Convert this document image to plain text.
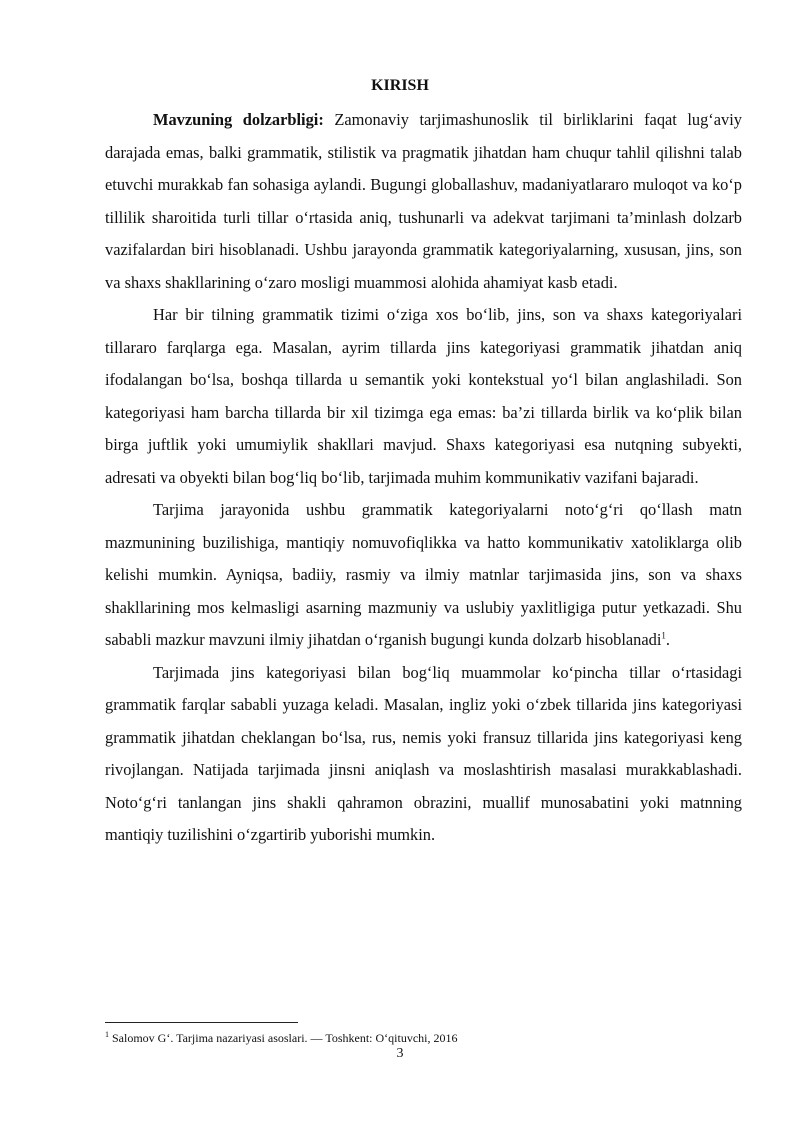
KIRISH

Mavzuning dolzarbligi: Zamonaviy tarjimashunoslik til birliklarini faqat lug‘aviy darajada emas, balki grammatik, stilistik va pragmatik jihatdan ham chuqur tahlil qilishni talab etuvchi murakkab fan sohasiga aylandi. Bugungi globallashuv, madaniyatlararo muloqot va ko‘p tillilik sharoitida turli tillar o‘rtasida aniq, tushunarli va adekvat tarjimani ta’minlash dolzarb vazifalardan biri hisoblanadi. Ushbu jarayonda grammatik kategoriyalarning, xususan, jins, son va shaxs shakllarining o‘zaro mosligi muammosi alohida ahamiyat kasb etadi.

Har bir tilning grammatik tizimi o‘ziga xos bo‘lib, jins, son va shaxs kategoriyalari tillararo farqlarga ega. Masalan, ayrim tillarda jins kategoriyasi grammatik jihatdan aniq ifodalangan bo‘lsa, boshqa tillarda u semantik yoki kontekstual yo‘l bilan anglashiladi. Son kategoriyasi ham barcha tillarda bir xil tizimga ega emas: ba’zi tillarda birlik va ko‘plik bilan birga juftlik yoki umumiylik shakllari mavjud. Shaxs kategoriyasi esa nutqning subyekti, adresati va obyekti bilan bog‘liq bo‘lib, tarjimada muhim kommunikativ vazifani bajaradi.

Tarjima jarayonida ushbu grammatik kategoriyalarni noto‘g‘ri qo‘llash matn mazmunining buzilishiga, mantiqiy nomuvofiqlikka va hatto kommunikativ xatoliklarga olib kelishi mumkin. Ayniqsa, badiiy, rasmiy va ilmiy matnlar tarjimasida jins, son va shaxs shakllarining mos kelmasligi asarning mazmuniy va uslubiy yaxlitligiga putur yetkazadi. Shu sababli mazkur mavzuni ilmiy jihatdan o‘rganish bugungi kunda dolzarb hisoblanadi$^1$.

Tarjimada jins kategoriyasi bilan bog‘liq muammolar ko‘pincha tillar o‘rtasidagi grammatik farqlar sababli yuzaga keladi. Masalan, ingliz yoki o‘zbek tillarida jins kategoriyasi grammatik jihatdan cheklangan bo‘lsa, rus, nemis yoki fransuz tillarida jins kategoriyasi keng rivojlangan. Natijada tarjimada jinsni aniqlash va moslashtirish masalasi murakkablashadi. Noto‘g‘ri tanlangan jins shakli qahramon obrazini, muallif munosabatini yoki matnning mantiqiy tuzilishini o‘zgartirib yuborishi mumkin.

$^1$ Salomov G‘. Tarjima nazariyasi asoslari. — Toshkent: O‘qituvchi, 2016

3
